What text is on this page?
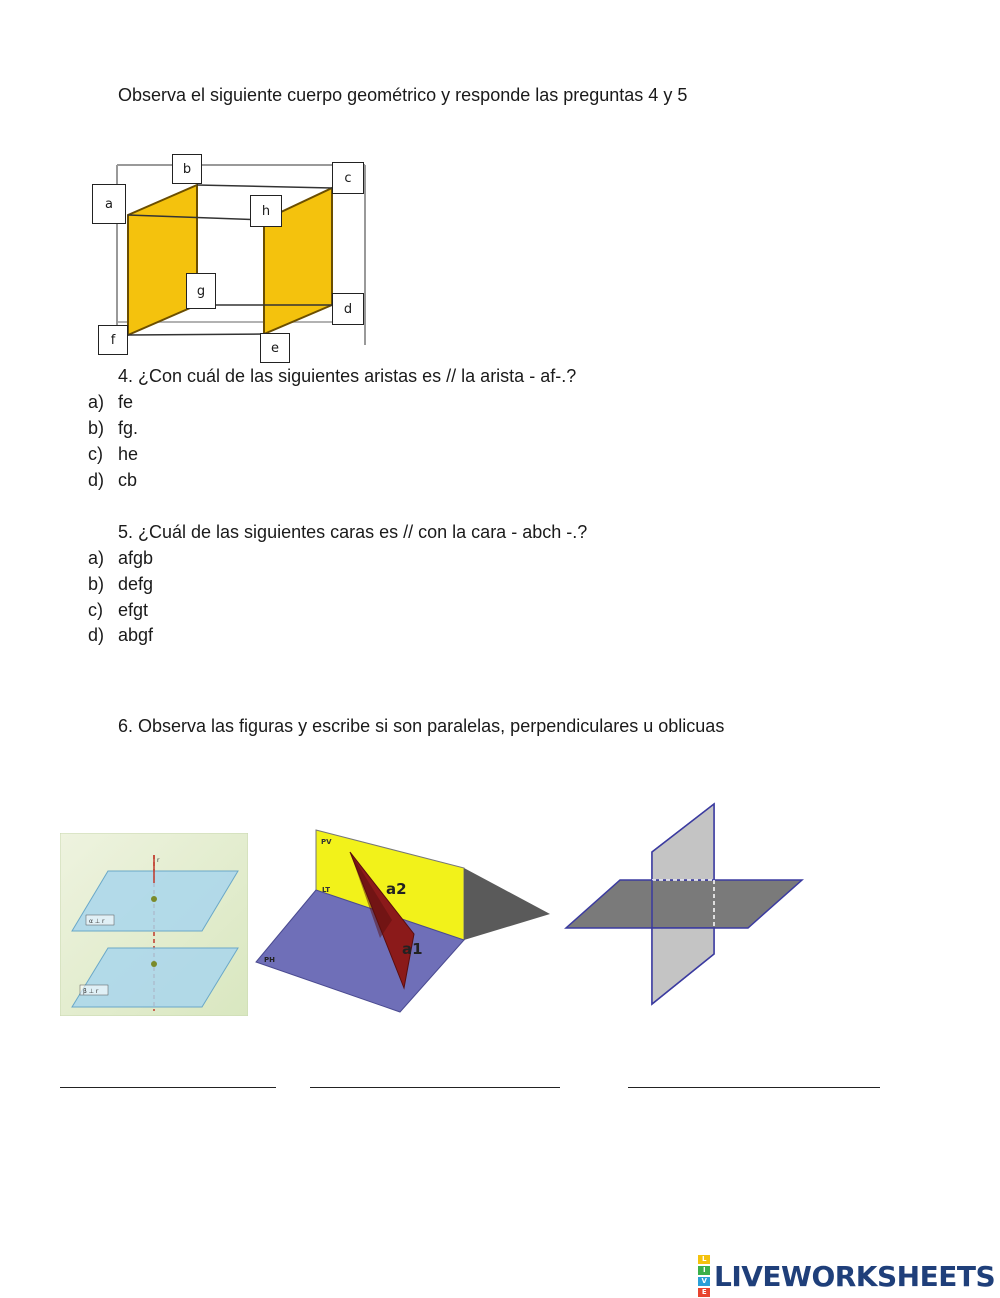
Observa el siguiente cuerpo geométrico y responde las preguntas 4 y 5
b
c
a	h
g
d
f
e
4. ¿Con cuál de las siguientes aristas es // la arista - af-.?
a) fe
b) fg.
c) he
d) cb
5. ¿Cuál de las siguientes caras es // con la cara - abch -.?
a) afgb
b) defg
c) efgt
d) abgf
6. Observa las figuras y escribe si son paralelas, perpendiculares u oblicuas
r
α ⊥ r
β ⊥ r
PV
LT
PH
a2
a1
L
I
V
E LIVEWORKSHEETS
